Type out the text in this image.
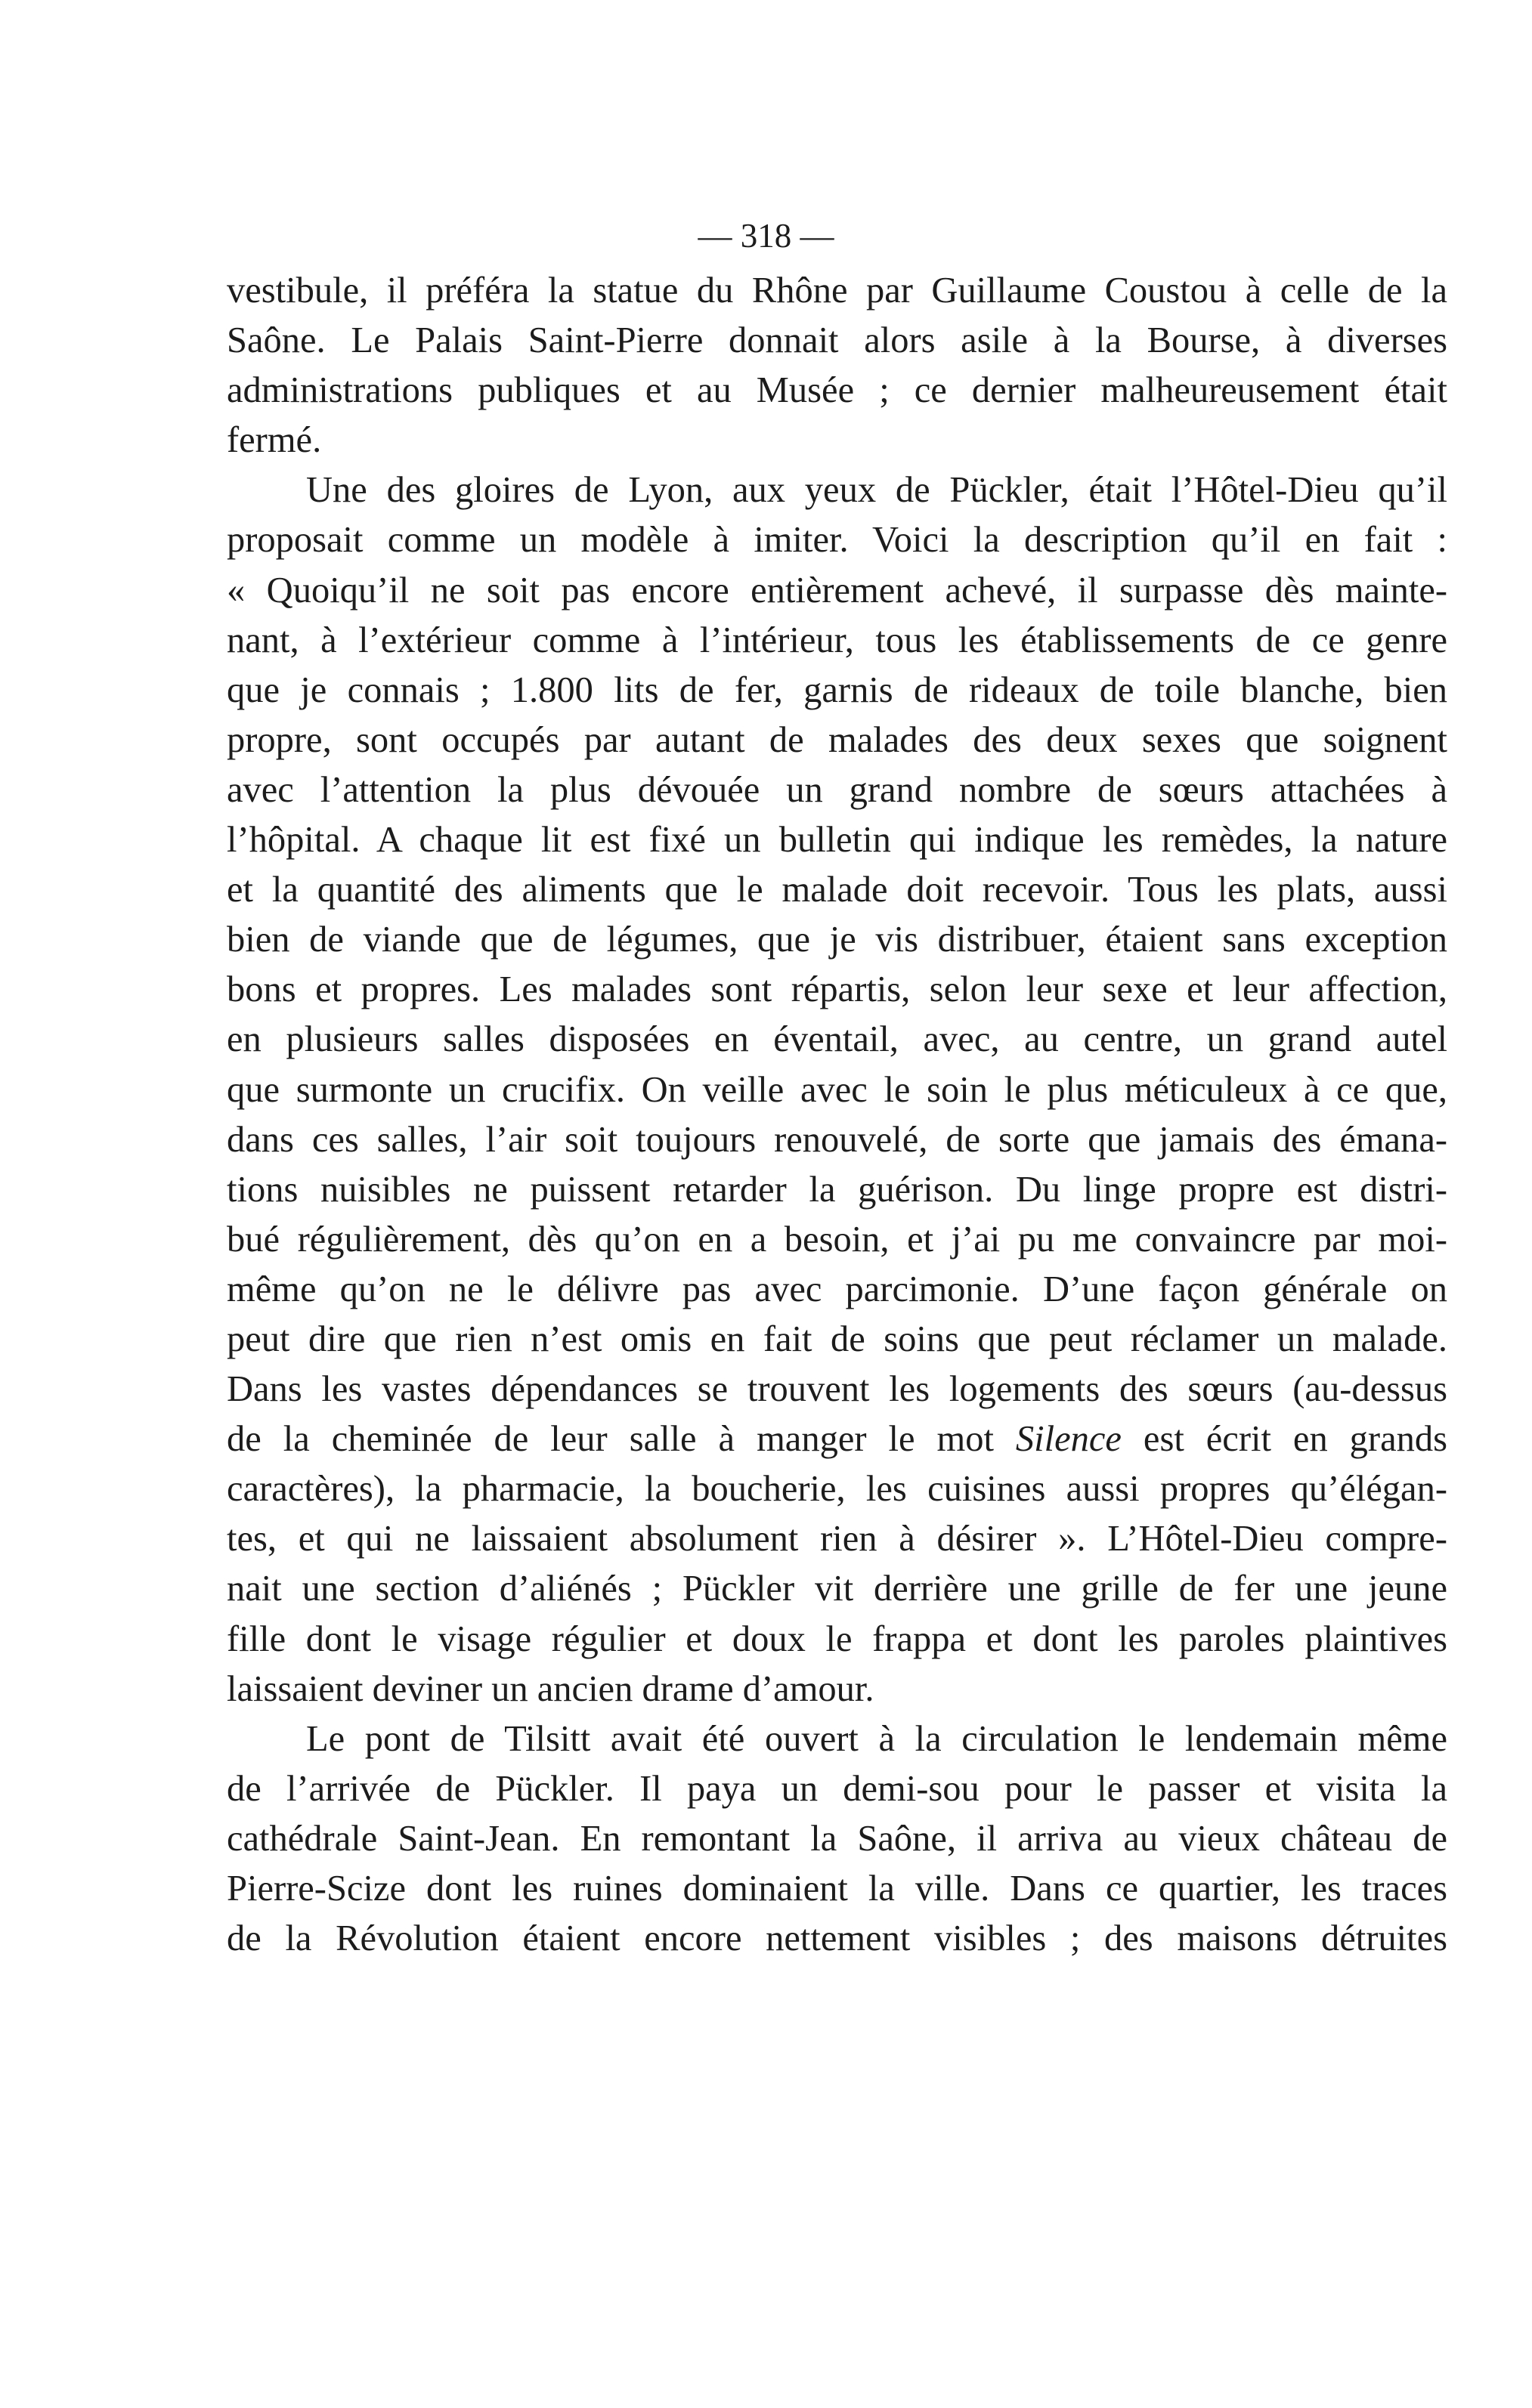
— 318 —

vestibule, il préféra la statue du Rhône par Guillaume Coustou à celle de la
Saône. Le Palais Saint-Pierre donnait alors asile à la Bourse, à diverses
administrations publiques et au Musée ; ce dernier malheureusement était
fermé.
Une des gloires de Lyon, aux yeux de Pückler, était l’Hôtel-Dieu qu’il
proposait comme un modèle à imiter. Voici la description qu’il en fait :
« Quoiqu’il ne soit pas encore entièrement achevé, il surpasse dès mainte-
nant, à l’extérieur comme à l’intérieur, tous les établissements de ce genre
que je connais ; 1.800 lits de fer, garnis de rideaux de toile blanche, bien
propre, sont occupés par autant de malades des deux sexes que soignent
avec l’attention la plus dévouée un grand nombre de sœurs attachées à
l’hôpital. A chaque lit est fixé un bulletin qui indique les remèdes, la nature
et la quantité des aliments que le malade doit recevoir. Tous les plats, aussi
bien de viande que de légumes, que je vis distribuer, étaient sans exception
bons et propres. Les malades sont répartis, selon leur sexe et leur affection,
en plusieurs salles disposées en éventail, avec, au centre, un grand autel
que surmonte un crucifix. On veille avec le soin le plus méticuleux à ce que,
dans ces salles, l’air soit toujours renouvelé, de sorte que jamais des émana-
tions nuisibles ne puissent retarder la guérison. Du linge propre est distri-
bué régulièrement, dès qu’on en a besoin, et j’ai pu me convaincre par moi-
même qu’on ne le délivre pas avec parcimonie. D’une façon générale on
peut dire que rien n’est omis en fait de soins que peut réclamer un malade.
Dans les vastes dépendances se trouvent les logements des sœurs (au-dessus
de la cheminée de leur salle à manger le mot Silence est écrit en grands
caractères), la pharmacie, la boucherie, les cuisines aussi propres qu’élégan-
tes, et qui ne laissaient absolument rien à désirer ». L’Hôtel-Dieu compre-
nait une section d’aliénés ; Pückler vit derrière une grille de fer une jeune
fille dont le visage régulier et doux le frappa et dont les paroles plaintives
laissaient deviner un ancien drame d’amour.
Le pont de Tilsitt avait été ouvert à la circulation le lendemain même
de l’arrivée de Pückler. Il paya un demi-sou pour le passer et visita la
cathédrale Saint-Jean. En remontant la Saône, il arriva au vieux château de
Pierre-Scize dont les ruines dominaient la ville. Dans ce quartier, les traces
de la Révolution étaient encore nettement visibles ; des maisons détruites
